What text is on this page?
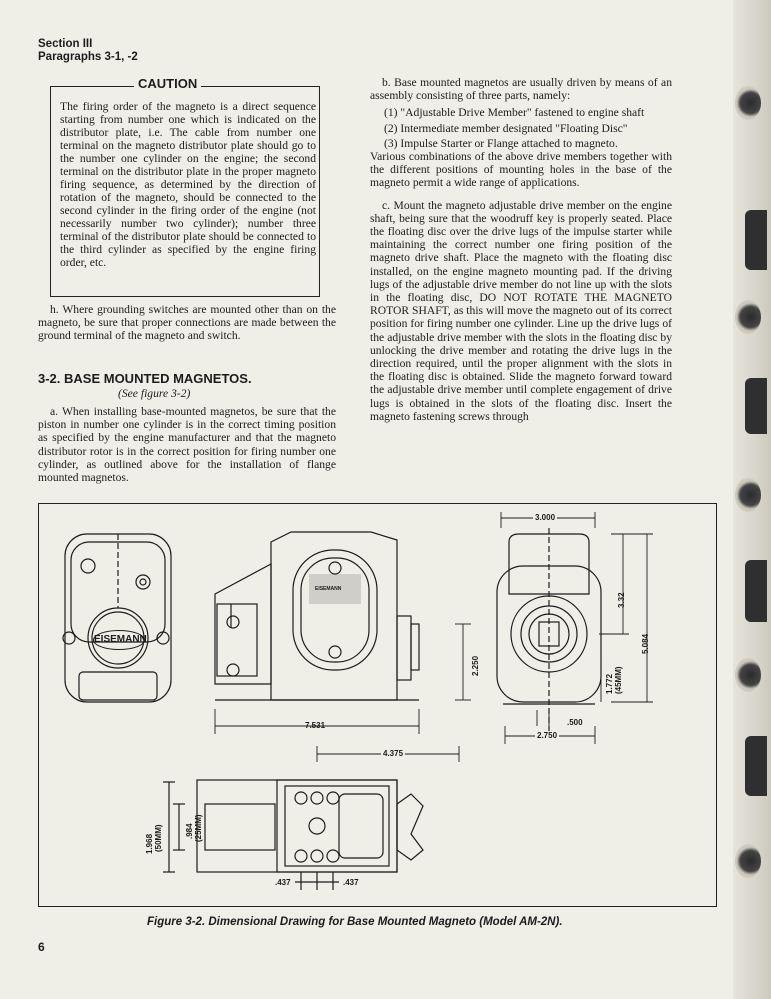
Section III
Paragraphs 3-1, -2
CAUTION
The firing order of the magneto is a direct sequence starting from number one which is indicated on the distributor plate, i.e. The cable from number one terminal on the magneto distributor plate should go to the number one cylinder on the engine; the second terminal on the distributor plate in the proper magneto firing sequence, as determined by the direction of rotation of the magneto, should be connected to the second cylinder in the firing order of the engine (not necessarily number two cylinder); number three terminal of the distributor plate should be connected to the third cylinder as specified by the engine firing order, etc.

h. Where grounding switches are mounted other than on the magneto, be sure that proper connections are made between the ground terminal of the magneto and switch.

3-2. BASE MOUNTED MAGNETOS.
(See figure 3-2)

a. When installing base-mounted magnetos, be sure that the piston in number one cylinder is in the correct timing position as specified by the engine manufacturer and that the magneto distributor rotor is in the correct position for firing number one cylinder, as outlined above for the installation of flange mounted magnetos.

b. Base mounted magnetos are usually driven by means of an assembly consisting of three parts, namely:

(1) "Adjustable Drive Member" fastened to engine shaft

(2) Intermediate member designated "Floating Disc"

(3) Impulse Starter or Flange attached to magneto.

Various combinations of the above drive members together with the different positions of mounting holes in the base of the magneto permit a wide range of applications.

c. Mount the magneto adjustable drive member on the engine shaft, being sure that the woodruff key is properly seated. Place the floating disc over the drive lugs of the impulse starter while maintaining the correct number one firing position of the magneto drive shaft. Place the magneto with the floating disc installed, on the engine magneto mounting pad. If the driving lugs of the adjustable drive member do not line up with the slots in the floating disc, DO NOT ROTATE THE MAGNETO ROTOR SHAFT, as this will move the magneto out of its correct position for firing number one cylinder. Line up the drive lugs of the adjustable drive member with the slots in the floating disc by unlocking the drive member and rotating the drive lugs in the direction required, until the proper alignment with the slots in the floating disc is obtained. Slide the magneto forward toward the adjustable drive member until complete engagement of drive lugs is obtained in the slots of the floating disc. Insert the magneto fastening screws through

EISEMANN
EISEMANN
7.531
2.250
3.000
3.32
5.084
1.772 (45MM)
.500
2.750
4.375
1.968 (50MM)	.984 (25MM)
.437	.437
Figure 3-2. Dimensional Drawing for Base Mounted Magneto (Model AM-2N).
6
